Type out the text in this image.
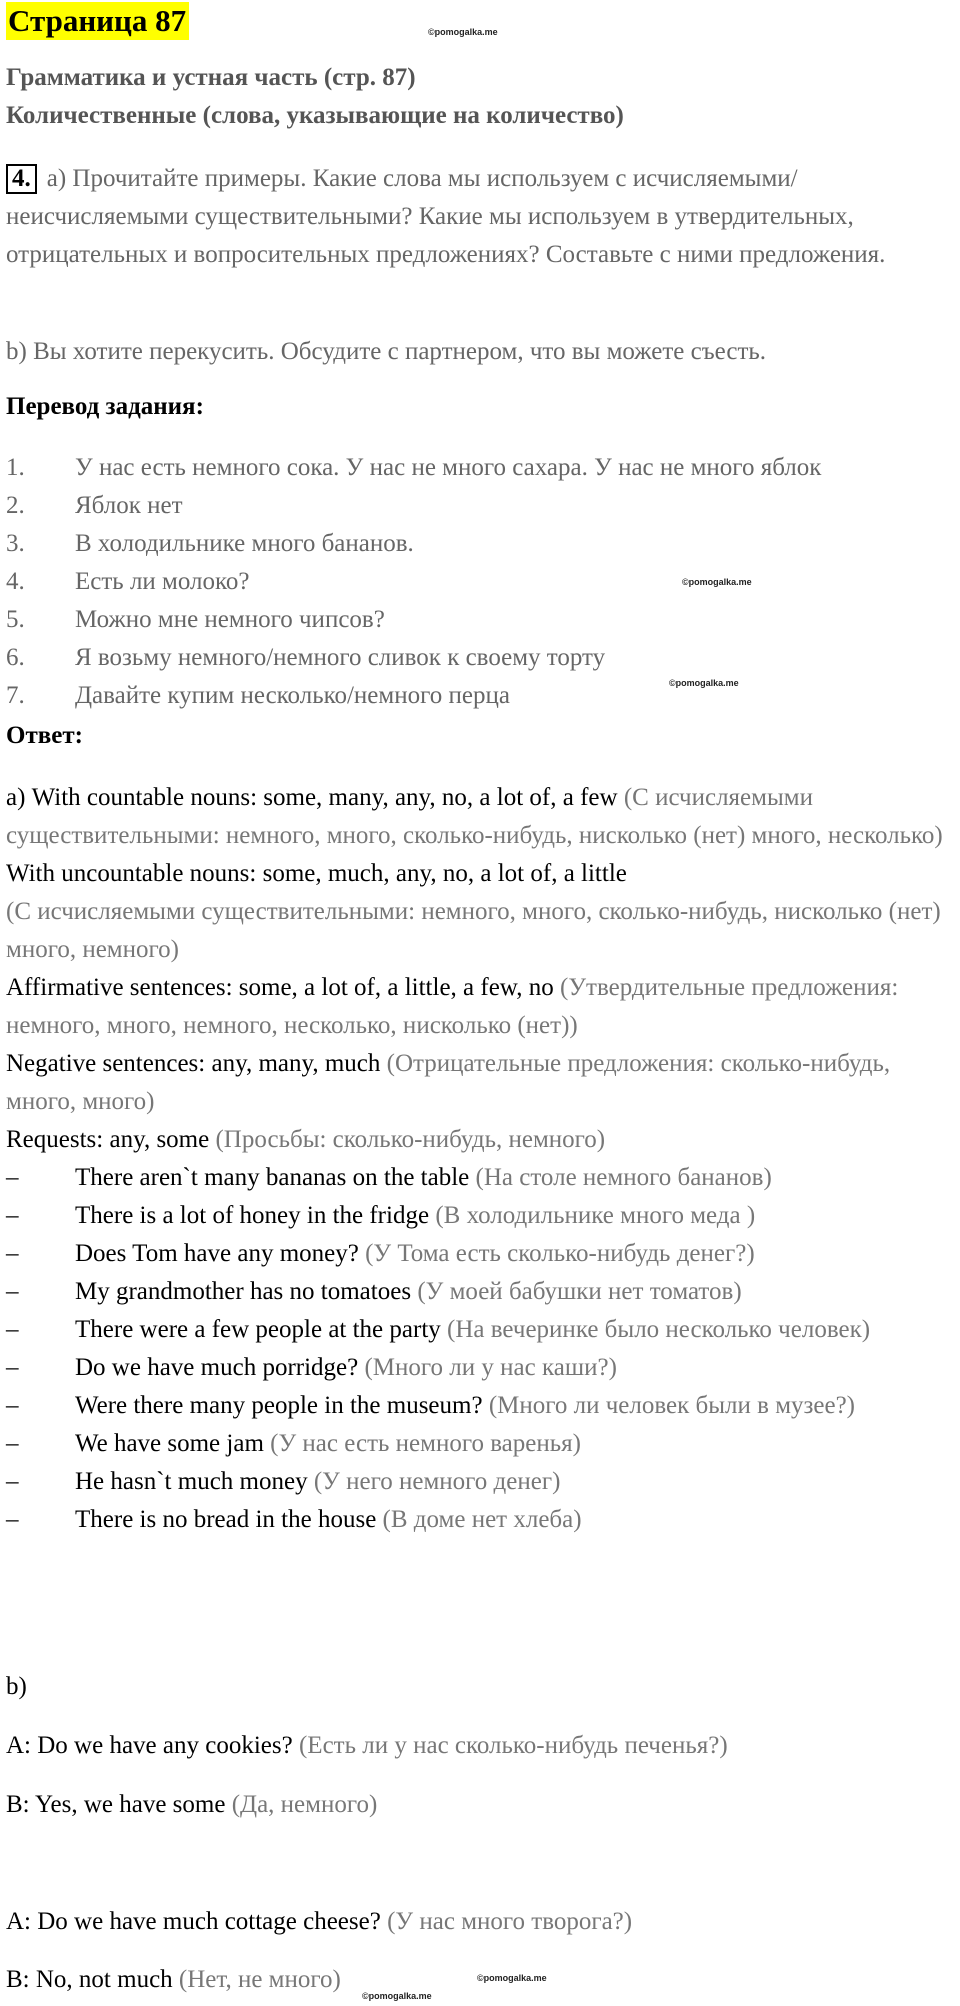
Страница 87	©pomogalka.me
Грамматика и устная часть (стр. 87)
Количественные (слова, указывающие на количество)
4. а) Прочитайте примеры. Какие слова мы используем с исчисляемыми/неисчисляемыми существительными? Какие мы используем в утвердительных, отрицательных и вопросительных предложениях? Составьте с ними предложения.
b) Вы хотите перекусить. Обсудите с партнером, что вы можете съесть.
Перевод задания:
1. У нас есть немного сока. У нас не много сахара. У нас не много яблок
2. Яблок нет
3. В холодильнике много бананов.
4. Есть ли молоко?
5. Можно мне немного чипсов?
6. Я возьму немного/немного сливок к своему торту
7. Давайте купим несколько/немного перца
©pomogalka.me
©pomogalka.me
Ответ:
а) With countable nouns: some, many, any, no, a lot of, a few (С исчисляемыми существительными: немного, много, сколько-нибудь, нисколько (нет) много, несколько)
With uncountable nouns: some, much, any, no, a lot of, a little
(С исчисляемыми существительными: немного, много, сколько-нибудь, нисколько (нет) много, немного)
Affirmative sentences: some, a lot of, a little, a few, no (Утвердительные предложения: немного, много, немного, несколько, нисколько (нет))
Negative sentences: any, many, much (Отрицательные предложения: сколько-нибудь, много, много)
Requests: any, some (Просьбы: сколько-нибудь, немного)
– There aren`t many bananas on the table (На столе немного бананов)
– There is a lot of honey in the fridge (В холодильнике много меда )
– Does Tom have any money? (У Тома есть сколько-нибудь денег?)
– My grandmother has no tomatoes (У моей бабушки нет томатов)
– There were a few people at the party (На вечеринке было несколько человек)
– Do we have much porridge? (Много ли у нас каши?)
– Were there many people in the museum? (Много ли человек были в музее?)
– We have some jam (У нас есть немного варенья)
– He hasn`t much money (У него немного денег)
– There is no bread in the house (В доме нет хлеба)
b)
A: Do we have any cookies? (Есть ли у нас сколько-нибудь печенья?)
B: Yes, we have some (Да, немного)
A: Do we have much cottage cheese? (У нас много творога?)
B: No, not much (Нет, не много)	©pomogalka.me
©pomogalka.me
